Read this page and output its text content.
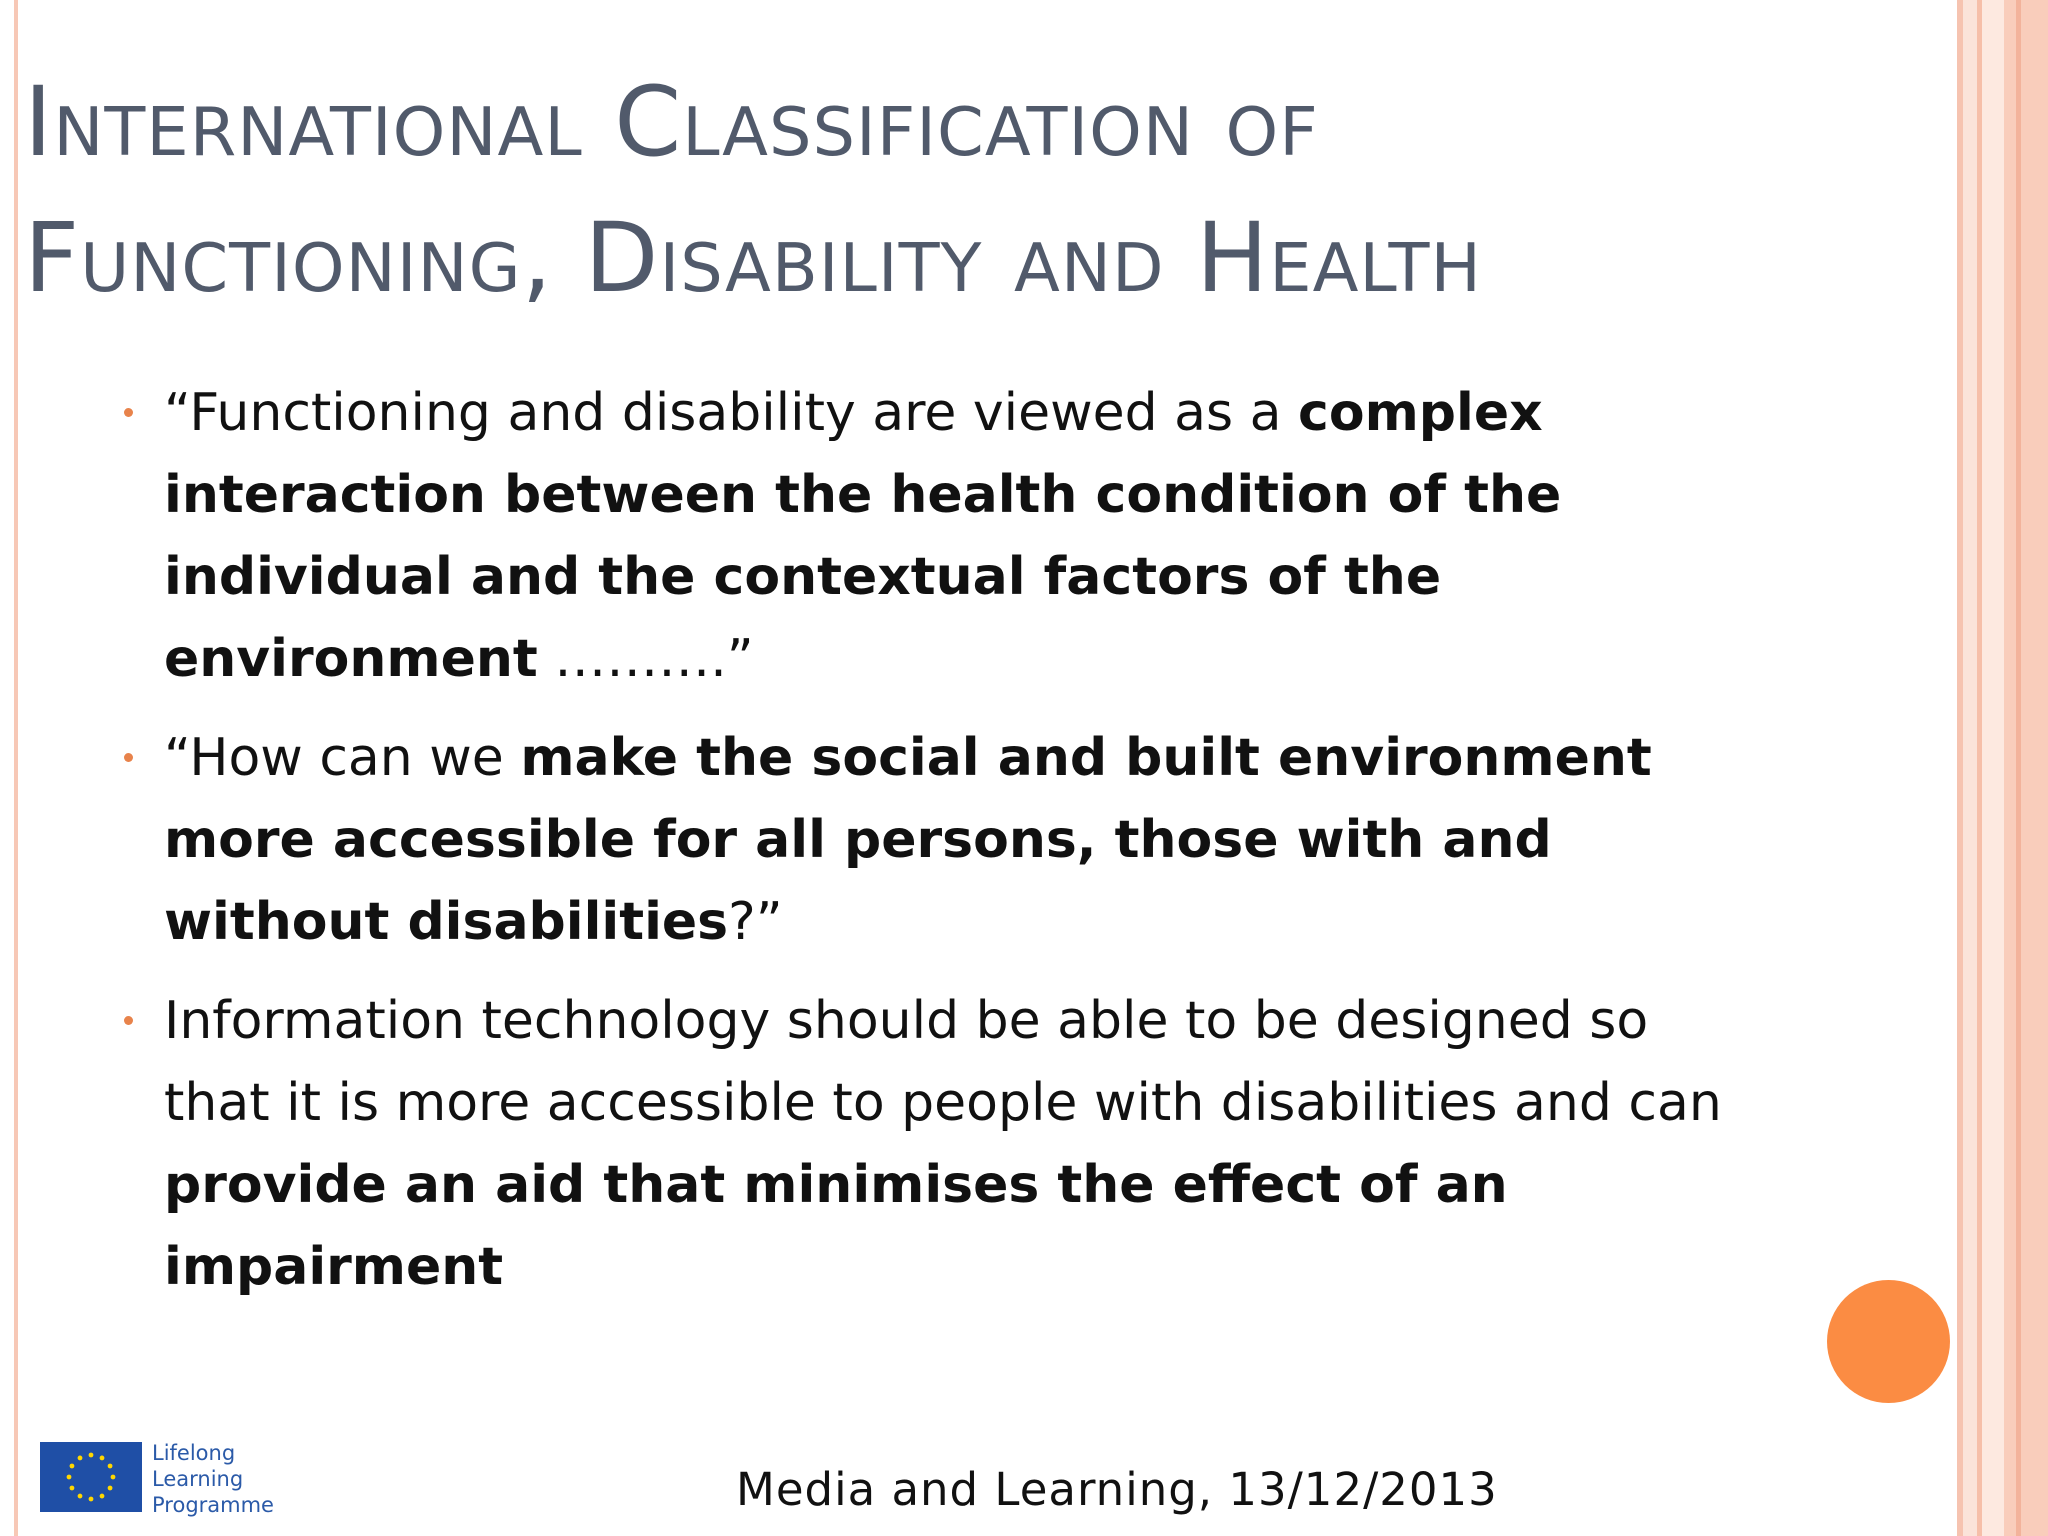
International Classification of
Functioning, Disability and Health
“Functioning and disability are viewed as a complex interaction between the health condition of the individual and the contextual factors of the environment ……….”
“How can we make the social and built environment more accessible for all persons, those with and without disabilities?”
Information technology should be able to be designed so that it is more accessible to people with disabilities and can provide an aid that minimises the effect of an impairment
Lifelong
Learning
Programme	Media and Learning, 13/12/2013
